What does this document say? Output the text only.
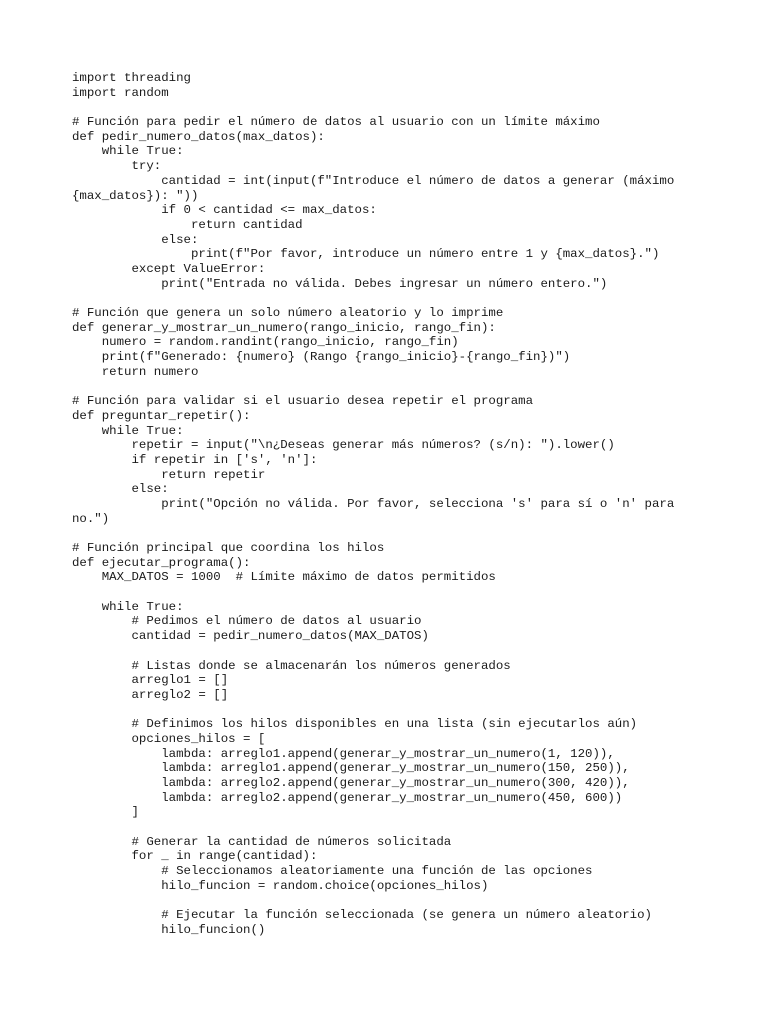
import threading
import random
# Función para pedir el número de datos al usuario con un límite máximo
def pedir_numero_datos(max_datos):
while True:
try:
cantidad = int(input(f"Introduce el número de datos a generar (máximo
{max_datos}): "))
if 0 < cantidad <= max_datos:
return cantidad
else:
print(f"Por favor, introduce un número entre 1 y {max_datos}.")
except ValueError:
print("Entrada no válida. Debes ingresar un número entero.")
# Función que genera un solo número aleatorio y lo imprime
def generar_y_mostrar_un_numero(rango_inicio, rango_fin):
numero = random.randint(rango_inicio, rango_fin)
print(f"Generado: {numero} (Rango {rango_inicio}-{rango_fin})")
return numero
# Función para validar si el usuario desea repetir el programa
def preguntar_repetir():
while True:
repetir = input("\n¿Deseas generar más números? (s/n): ").lower()
if repetir in ['s', 'n']:
return repetir
else:
print("Opción no válida. Por favor, selecciona 's' para sí o 'n' para
no.")
# Función principal que coordina los hilos
def ejecutar_programa():
MAX_DATOS = 1000  # Límite máximo de datos permitidos
while True:
# Pedimos el número de datos al usuario
cantidad = pedir_numero_datos(MAX_DATOS)
# Listas donde se almacenarán los números generados
arreglo1 = []
arreglo2 = []
# Definimos los hilos disponibles en una lista (sin ejecutarlos aún)
opciones_hilos = [
lambda: arreglo1.append(generar_y_mostrar_un_numero(1, 120)),
lambda: arreglo1.append(generar_y_mostrar_un_numero(150, 250)),
lambda: arreglo2.append(generar_y_mostrar_un_numero(300, 420)),
lambda: arreglo2.append(generar_y_mostrar_un_numero(450, 600))
]
# Generar la cantidad de números solicitada
for _ in range(cantidad):
# Seleccionamos aleatoriamente una función de las opciones
hilo_funcion = random.choice(opciones_hilos)
# Ejecutar la función seleccionada (se genera un número aleatorio)
hilo_funcion()
